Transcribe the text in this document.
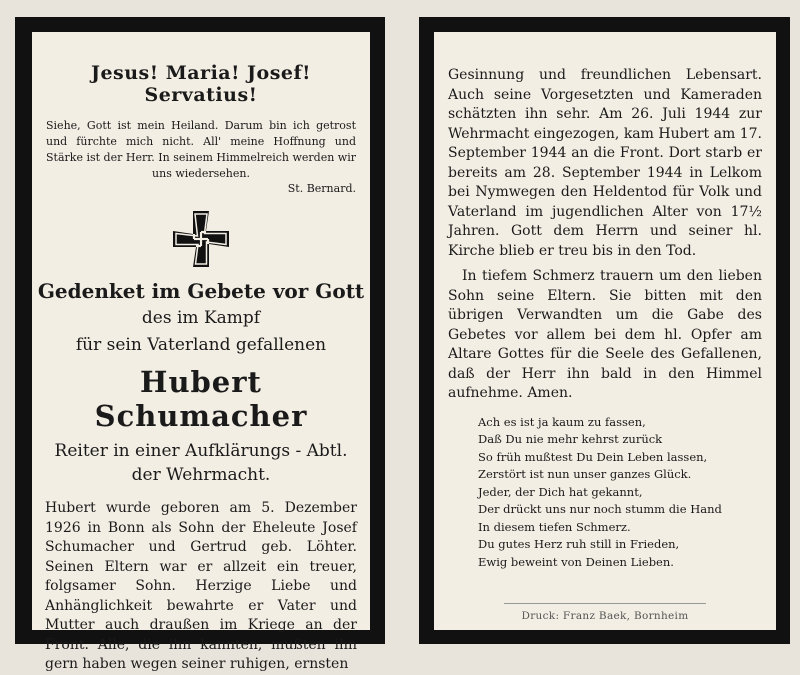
Jesus! Maria! Josef! Servatius!
Siehe, Gott ist mein Heiland. Darum bin ich getrost und fürchte mich nicht. All' meine Hoffnung und Stärke ist der Herr. In seinem Himmelreich werden wir uns wiedersehen.
St. Bernard.
Gedenket im Gebete vor Gott
des im Kampf
für sein Vaterland gefallenen
Hubert Schumacher
Reiter in einer Aufklärungs - Abtl.
der Wehrmacht.
Hubert wurde geboren am 5. Dezember 1926 in Bonn als Sohn der Eheleute Josef Schumacher und Gertrud geb. Löhter. Seinen Eltern war er allzeit ein treuer, folgsamer Sohn. Herzige Liebe und Anhänglichkeit bewahrte er Vater und Mutter auch draußen im Kriege an der Front. Alle, die ihn kannten, mußten ihn gern haben wegen seiner ruhigen, ernsten
Gesinnung und freundlichen Lebensart. Auch seine Vorgesetzten und Kameraden schätzten ihn sehr. Am 26. Juli 1944 zur Wehrmacht eingezogen, kam Hubert am 17. September 1944 an die Front. Dort starb er bereits am 28. September 1944 in Lelkom bei Nymwegen den Heldentod für Volk und Vaterland im jugendlichen Alter von 17½ Jahren. Gott dem Herrn und seiner hl. Kirche blieb er treu bis in den Tod.
In tiefem Schmerz trauern um den lieben Sohn seine Eltern. Sie bitten mit den übrigen Verwandten um die Gabe des Gebetes vor allem bei dem hl. Opfer am Altare Gottes für die Seele des Gefallenen, daß der Herr ihn bald in den Himmel aufnehme. Amen.
Ach es ist ja kaum zu fassen,
Daß Du nie mehr kehrst zurück
So früh mußtest Du Dein Leben lassen,
Zerstört ist nun unser ganzes Glück.
Jeder, der Dich hat gekannt,
Der drückt uns nur noch stumm die Hand
In diesem tiefen Schmerz.
Du gutes Herz ruh still in Frieden,
Ewig beweint von Deinen Lieben.
Druck: Franz Baek, Bornheim
